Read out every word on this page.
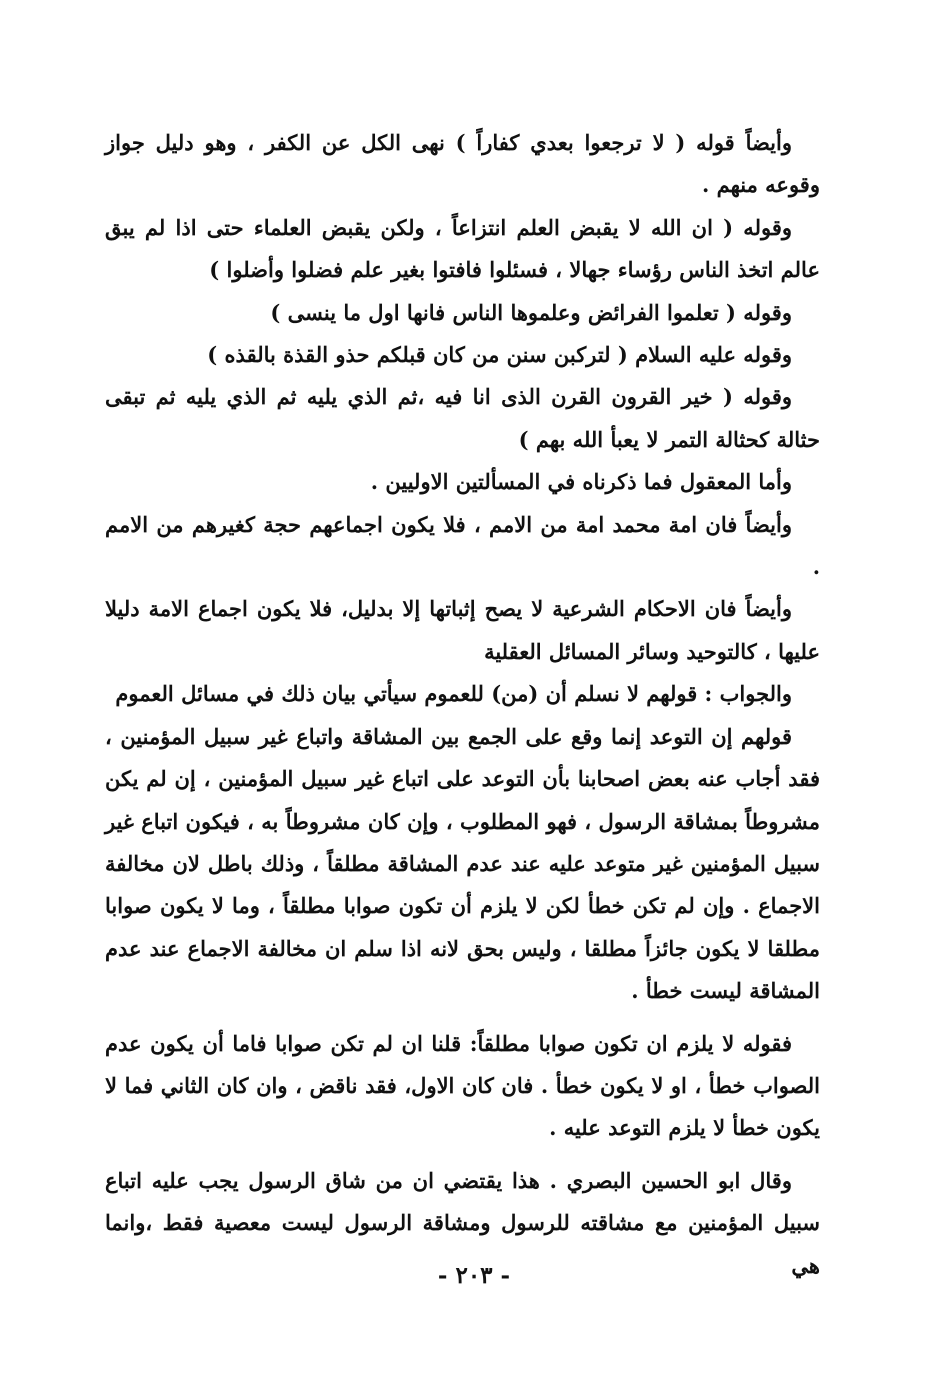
وأيضاً قوله ( لا ترجعوا بعدي كفاراً ) نهى الكل عن الكفر ، وهو دليل جواز وقوعه منهم .

وقوله ( ان الله لا يقبض العلم انتزاعاً ، ولكن يقبض العلماء حتى اذا لم يبق عالم اتخذ الناس رؤساء جهالا ، فسئلوا فافتوا بغير علم فضلوا وأضلوا )

وقوله ( تعلموا الفرائض وعلموها الناس فانها اول ما ينسى )

وقوله عليه السلام ( لتركبن سنن من كان قبلكم حذو القذة بالقذه )

وقوله ( خير القرون القرن الذى انا فيه ،ثم الذي يليه ثم الذي يليه ثم تبقى حثالة كحثالة التمر لا يعبأ الله بهم )

وأما المعقول فما ذكرناه في المسألتين الاوليين .

وأيضاً فان امة محمد امة من الامم ، فلا يكون اجماعهم حجة كغيرهم من الامم .

وأيضاً فان الاحكام الشرعية لا يصح إثباتها إلا بدليل، فلا يكون اجماع الامة دليلا عليها ، كالتوحيد وسائر المسائل العقلية

والجواب : قولهم لا نسلم أن (من) للعموم سيأتي بيان ذلك في مسائل العموم

قولهم إن التوعد إنما وقع على الجمع بين المشاقة واتباع غير سبيل المؤمنين ، فقد أجاب عنه بعض اصحابنا بأن التوعد على اتباع غير سبيل المؤمنين ، إن لم يكن مشروطاً بمشاقة الرسول ، فهو المطلوب ، وإن كان مشروطاً به ، فيكون اتباع غير سبيل المؤمنين غير متوعد عليه عند عدم المشاقة مطلقاً ، وذلك باطل لان مخالفة الاجماع . وإن لم تكن خطأ لكن لا يلزم أن تكون صوابا مطلقاً ، وما لا يكون صوابا مطلقا لا يكون جائزاً مطلقا ، وليس بحق لانه اذا سلم ان مخالفة الاجماع عند عدم المشاقة ليست خطأ .

فقوله لا يلزم ان تكون صوابا مطلقاً: قلنا ان لم تكن صوابا فاما أن يكون عدم الصواب خطأ ، او لا يكون خطأ . فان كان الاول، فقد ناقض ، وان كان الثاني فما لا يكون خطأ لا يلزم التوعد عليه .

وقال ابو الحسين البصري . هذا يقتضي ان من شاق الرسول يجب عليه اتباع سبيل المؤمنين مع مشاقته للرسول ومشاقة الرسول ليست معصية فقط ،وانما هي

- ٢٠٣ -
